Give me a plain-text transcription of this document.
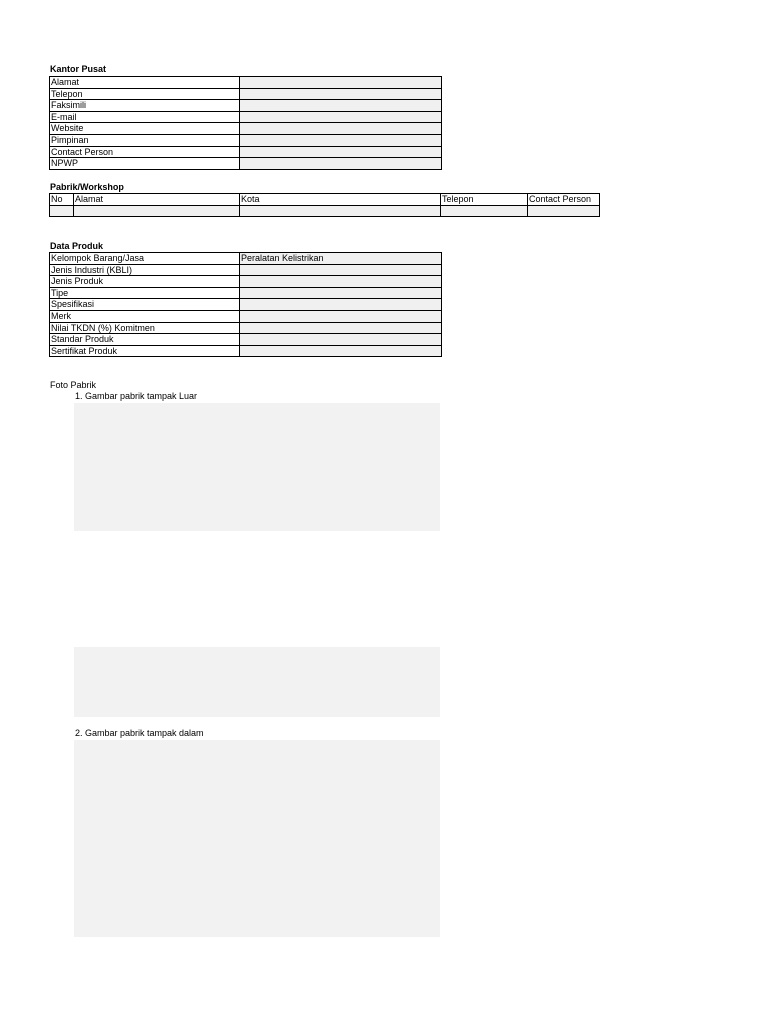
Kantor Pusat
Alamat	
Telepon	
Faksimili	
E-mail	
Website	
Pimpinan	
Contact Person	
NPWP	
Pabrik/Workshop
No	Alamat	Kota	Telepon	Contact Person

Data Produk
Kelompok Barang/Jasa	Peralatan Kelistrikan
Jenis Industri (KBLI)	
Jenis Produk	
Tipe	
Spesifikasi	
Merk	
Nilai TKDN (%) Komitmen	
Standar Produk	
Sertifikat Produk	
Foto Pabrik
1. Gambar pabrik tampak Luar
2. Gambar pabrik tampak dalam
